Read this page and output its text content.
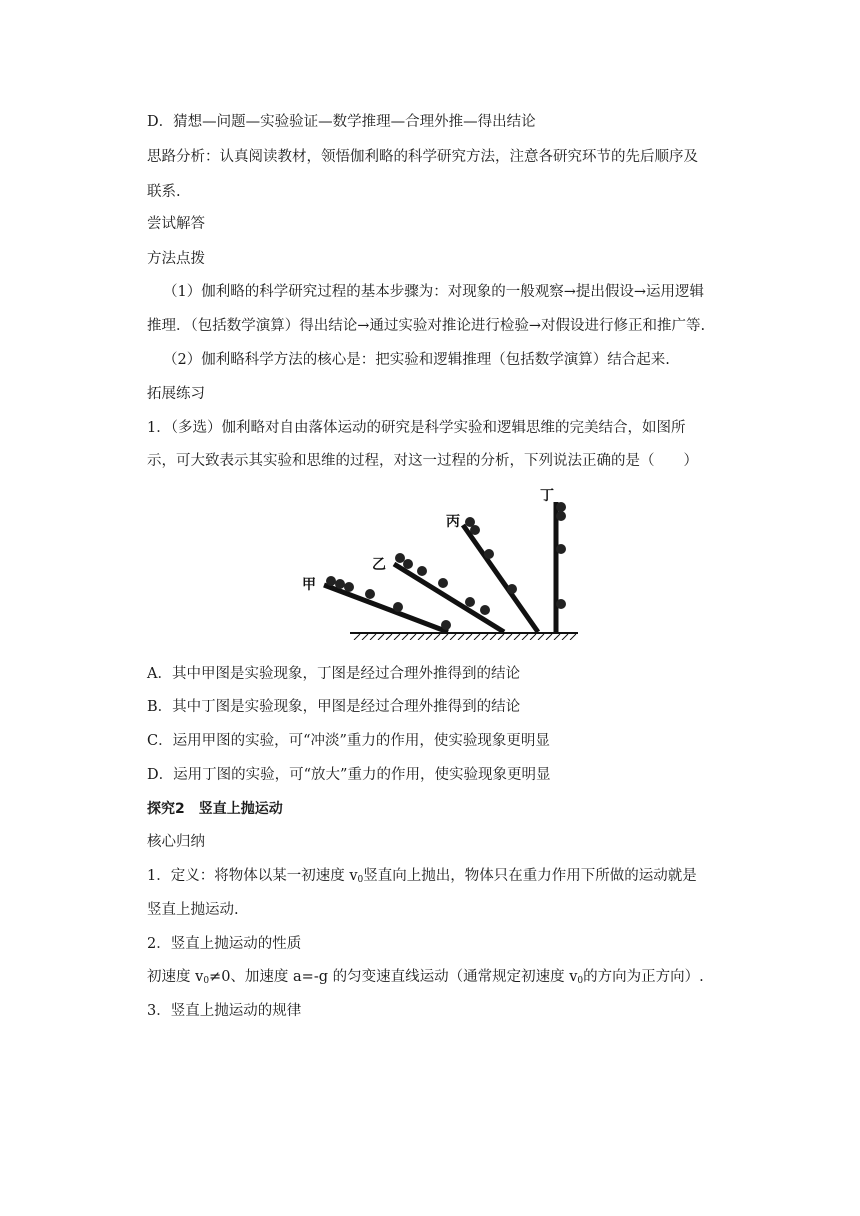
D．猜想—问题—实验验证—数学推理—合理外推—得出结论
思路分析：认真阅读教材，领悟伽利略的科学研究方法，注意各研究环节的先后顺序及
联系.
尝试解答
方法点拨
（1）伽利略的科学研究过程的基本步骤为：对现象的一般观察→提出假设→运用逻辑
推理．（包括数学演算）得出结论→通过实验对推论进行检验→对假设进行修正和推广等.
（2）伽利略科学方法的核心是：把实验和逻辑推理（包括数学演算）结合起来.
拓展练习
1．（多选）伽利略对自由落体运动的研究是科学实验和逻辑思维的完美结合，如图所
示，可大致表示其实验和思维的过程，对这一过程的分析，下列说法正确的是（　　）
甲
乙
丙
丁
A．其中甲图是实验现象，丁图是经过合理外推得到的结论
B．其中丁图是实验现象，甲图是经过合理外推得到的结论
C．运用甲图的实验，可“冲淡”重力的作用，使实验现象更明显
D．运用丁图的实验，可“放大”重力的作用，使实验现象更明显
探究2　竖直上抛运动
核心归纳
1．定义：将物体以某一初速度 $v_0$竖直向上抛出，物体只在重力作用下所做的运动就是
竖直上抛运动.
2．竖直上抛运动的性质
初速度 $v_0\ne 0$、加速度 a=-g 的匀变速直线运动（通常规定初速度 $v_0$的方向为正方向）.
3．竖直上抛运动的规律
